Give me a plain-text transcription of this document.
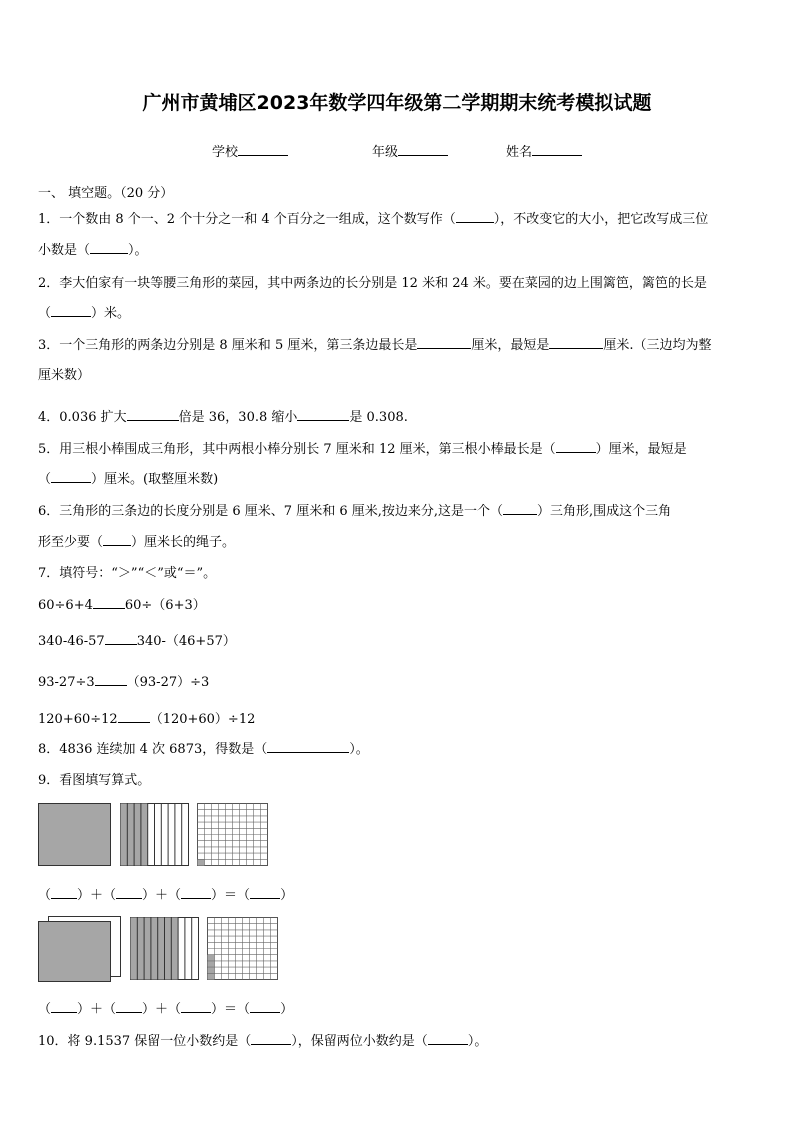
广州市黄埔区2023年数学四年级第二学期期末统考模拟试题
学校	年级	姓名
一、 填空题。（20 分）
1．一个数由 8 个一、2 个十分之一和 4 个百分之一组成，这个数写作（	），不改变它的大小，把它改写成三位
小数是（	）。
2．李大伯家有一块等腰三角形的菜园，其中两条边的长分别是 12 米和 24 米。要在菜园的边上围篱笆，篱笆的长是
（	）米。
3．一个三角形的两条边分别是 8 厘米和 5 厘米，第三条边最长是	厘米，最短是	厘米.（三边均为整
厘米数）
4．0.036 扩大	倍是 36，30.8 缩小	是 0.308.
5．用三根小棒围成三角形，其中两根小棒分别长 7 厘米和 12 厘米，第三根小棒最长是（	）厘米，最短是
（	）厘米。(取整厘米数)
6．三角形的三条边的长度分别是 6 厘米、7 厘米和 6 厘米,按边来分,这是一个（	）三角形,围成这个三角
形至少要（ ）厘米长的绳子。
7．填符号：“＞”“＜”或“＝”。
60÷6+4 60÷（6+3）
340-46-57 340-（46+57）
93-27÷3 （93-27）÷3
120+60÷12 （120+60）÷12
8．4836 连续加 4 次 6873，得数是（	）。
9．看图填写算式。
（ ）＋（ ）＋（ ）＝（ ）
（ ）＋（ ）＋（ ）＝（ ）
10．将 9.1537 保留一位小数约是（	），保留两位小数约是（	）。
